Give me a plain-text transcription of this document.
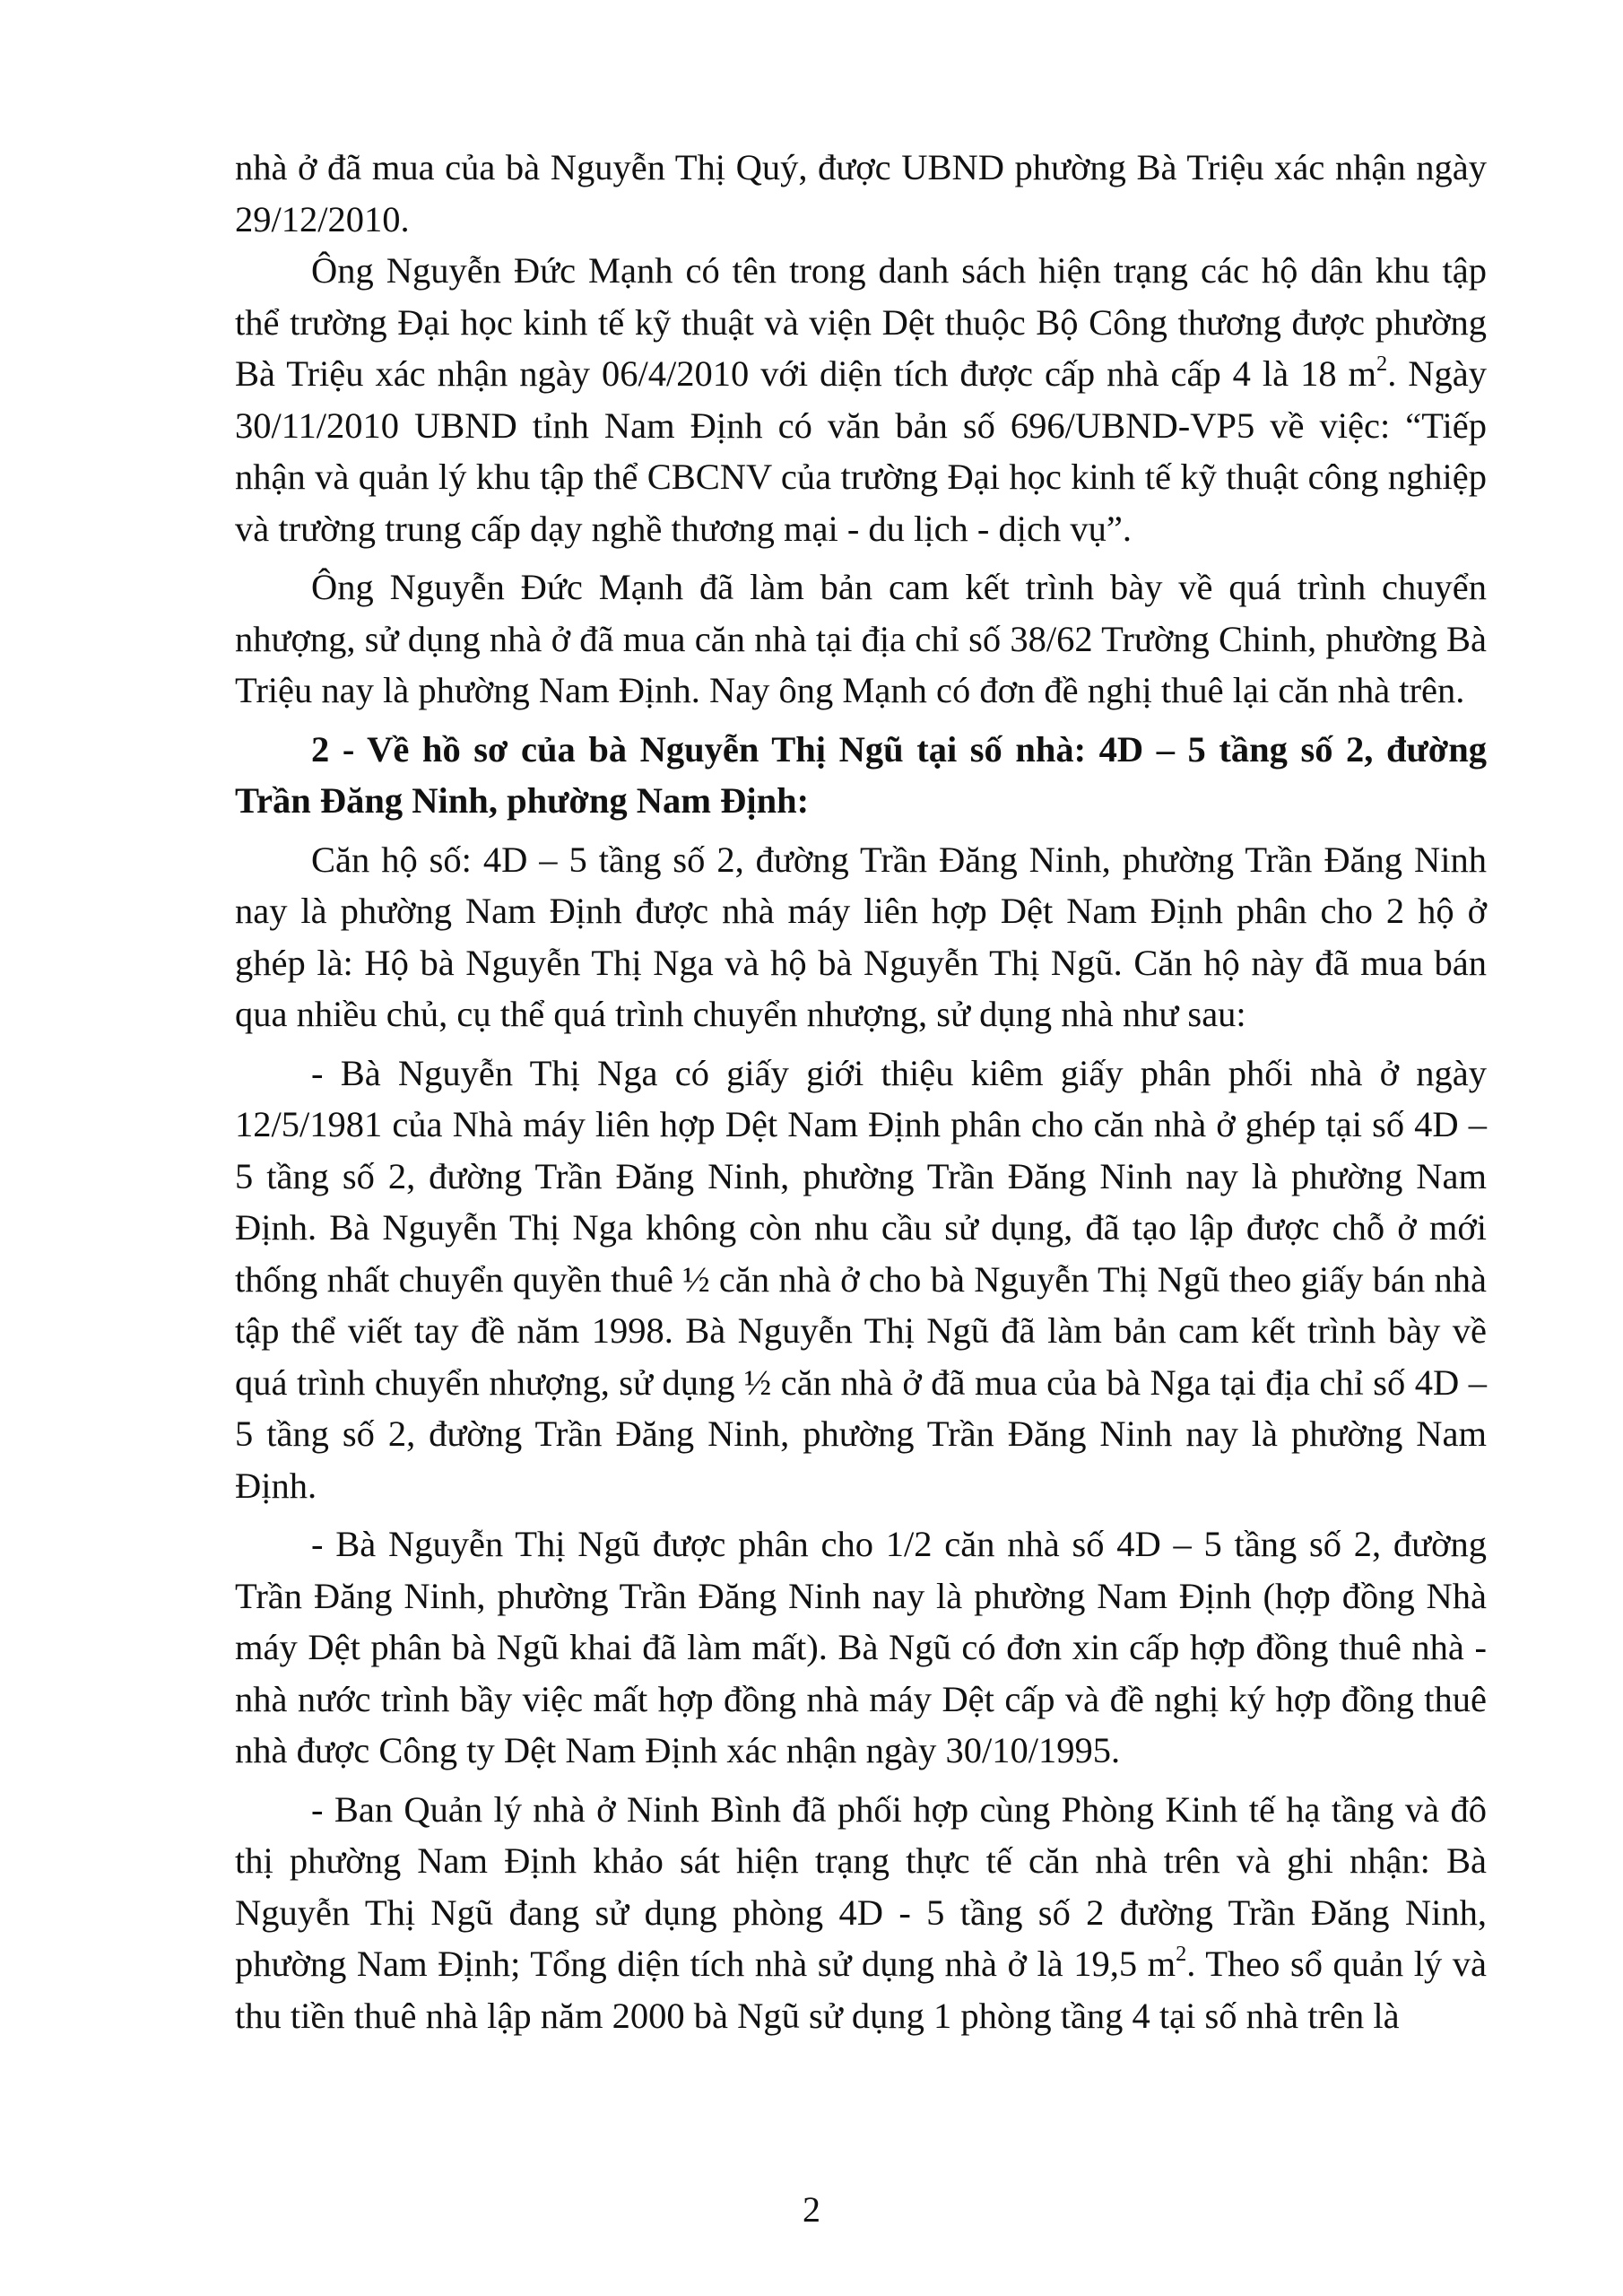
nhà ở đã mua của bà Nguyễn Thị Quý, được UBND phường Bà Triệu xác nhận ngày 29/12/2010.

Ông Nguyễn Đức Mạnh có tên trong danh sách hiện trạng các hộ dân khu tập thể trường Đại học kinh tế kỹ thuật và viện Dệt thuộc Bộ Công thương được phường Bà Triệu xác nhận ngày 06/4/2010 với diện tích được cấp nhà cấp 4 là 18 $m^2$. Ngày 30/11/2010 UBND tỉnh Nam Định có văn bản số 696/UBND-VP5 về việc: “Tiếp nhận và quản lý khu tập thể CBCNV của trường Đại học kinh tế kỹ thuật công nghiệp và trường trung cấp dạy nghề thương mại - du lịch - dịch vụ”.

Ông Nguyễn Đức Mạnh đã làm bản cam kết trình bày về quá trình chuyển nhượng, sử dụng nhà ở đã mua căn nhà tại địa chỉ số 38/62 Trường Chinh, phường Bà Triệu nay là phường Nam Định. Nay ông Mạnh có đơn đề nghị thuê lại căn nhà trên.

2 - Về hồ sơ của bà Nguyễn Thị Ngũ tại số nhà: 4D – 5 tầng số 2, đường Trần Đăng Ninh, phường Nam Định:

Căn hộ số: 4D – 5 tầng số 2, đường Trần Đăng Ninh, phường Trần Đăng Ninh nay là phường Nam Định được nhà máy liên hợp Dệt Nam Định phân cho 2 hộ ở ghép là: Hộ bà Nguyễn Thị Nga và hộ bà Nguyễn Thị Ngũ. Căn hộ này đã mua bán qua nhiều chủ, cụ thể quá trình chuyển nhượng, sử dụng nhà như sau:

- Bà Nguyễn Thị Nga có giấy giới thiệu kiêm giấy phân phối nhà ở ngày 12/5/1981 của Nhà máy liên hợp Dệt Nam Định phân cho căn nhà ở ghép tại số 4D – 5 tầng số 2, đường Trần Đăng Ninh, phường Trần Đăng Ninh nay là phường Nam Định. Bà Nguyễn Thị Nga không còn nhu cầu sử dụng, đã tạo lập được chỗ ở mới thống nhất chuyển quyền thuê ½ căn nhà ở cho bà Nguyễn Thị Ngũ theo giấy bán nhà tập thể viết tay đề năm 1998. Bà Nguyễn Thị Ngũ đã làm bản cam kết trình bày về quá trình chuyển nhượng, sử dụng ½ căn nhà ở đã mua của bà Nga tại địa chỉ số 4D – 5 tầng số 2, đường Trần Đăng Ninh, phường Trần Đăng Ninh nay là phường Nam Định.

- Bà Nguyễn Thị Ngũ được phân cho 1/2 căn nhà số 4D – 5 tầng số 2, đường Trần Đăng Ninh, phường Trần Đăng Ninh nay là phường Nam Định (hợp đồng Nhà máy Dệt phân bà Ngũ khai đã làm mất). Bà Ngũ có đơn xin cấp hợp đồng thuê nhà - nhà nước trình bầy việc mất hợp đồng nhà máy Dệt cấp và đề nghị ký hợp đồng thuê nhà được Công ty Dệt Nam Định xác nhận ngày 30/10/1995.

- Ban Quản lý nhà ở Ninh Bình đã phối hợp cùng Phòng Kinh tế hạ tầng và đô thị phường Nam Định khảo sát hiện trạng thực tế căn nhà trên và ghi nhận: Bà Nguyễn Thị Ngũ đang sử dụng phòng 4D - 5 tầng số 2 đường Trần Đăng Ninh, phường Nam Định; Tổng diện tích nhà sử dụng nhà ở là 19,5 $m^2$. Theo sổ quản lý và thu tiền thuê nhà lập năm 2000 bà Ngũ sử dụng 1 phòng tầng 4 tại số nhà trên là

2
